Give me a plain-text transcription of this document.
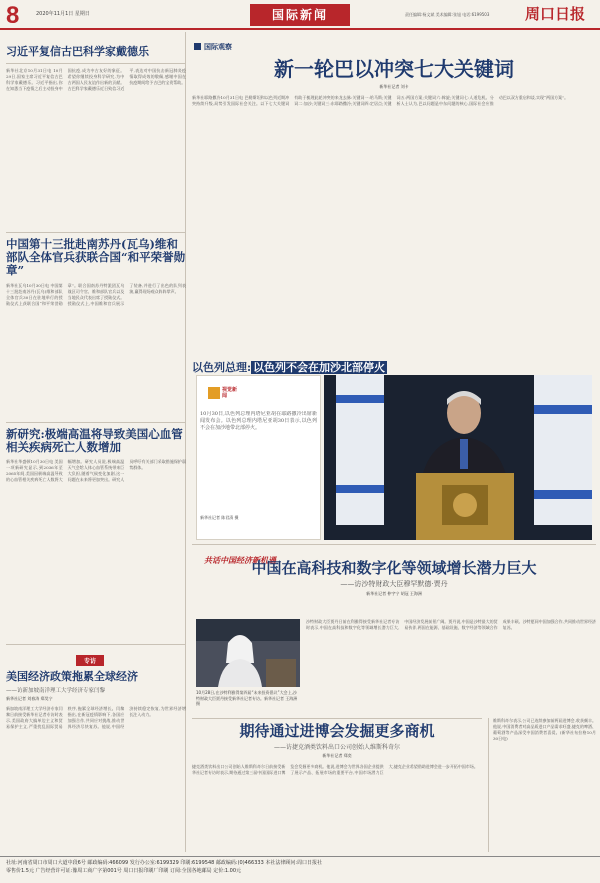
8	2020年11月1日 星期日	国际新闻	责任编辑:杨文斌 美术编辑:张旭 电话:6199503 周口日报
习近平复信古巴科学家戴德乐
新华社北京10月31日电 10月29日,国家主席习近平复信古巴科学家戴德乐。习近平指出,你在知悉当下疫情之后主动投身中国抗疫,成为中古友好的象征。希望你继续投身科学研究,为中古两国人民友谊作出新的贡献。古巴科学家戴德乐近日致信习近平,表达对中国抗击新冠肺炎疫情取得成效的敬佩,感谢中国在抗疫期间给予古巴的宝贵帮助。
中国第十三批赴南苏丹(瓦乌)维和部队全体官兵获联合国“和平荣誉勋章”
新华社瓦乌10月30日电 中国第十三批赴南苏丹(瓦乌)维和部队全体官兵30日在驻地举行的授勋仪式上获联合国“和平荣誉勋章”。联合国南苏丹特派团瓦乌战区司令官、维和部队官兵以及当地民众代表出席了授勋仪式。授勋仪式上,中国维和官兵展示了装备,并进行了出色的队列表演,赢得现场观众阵阵掌声。
新研究:极端高温将导致美国心血管相关疾病死亡人数增加
新华社华盛顿10月30日电 美国一项新研究显示,到2036年至2065年间,美国因极端高温导致的心血管相关疾病死亡人数将大幅增加。研究人员说,极端高温天气会给人体心血管系统带来巨大负担,随着气候变化加剧,这一问题在未来将更加突出。研究人员呼吁有关部门采取措施保护弱势群体。
专访
美国经济政策拖累全球经济
——访新加坡南洋理工大学经济专家闫黎
新华社记者 刘春涛 郑昊宁
新加坡南洋理工大学经济专家闫黎日前接受新华社记者专访时表示,美国政府大搞单边主义和贸易保护主义,严重扰乱国际贸易秩序,拖累全球经济增长。闫黎指出,在新冠疫情影响下,各国应加强合作,共同应对挑战,推动世界经济尽快复苏。他说,中国经济持续稳定恢复,为世界经济增长注入动力。
国际观察
新一轮巴以冲突七大关键词
新华社记者 刘卡
新华社耶路撒冷10月31日电 巴勒斯坦和以色列近期冲突持续升级,局势引发国际社会关注。以下七大关键词有助于梳理此轮冲突的来龙去脉:关键词一:哈马斯;关键词二:加沙;关键词三:东耶路撒冷;关键词四:定居点;关键词五:两国方案;关键词六:斡旋;关键词七:人道危机。分析人士认为,巴以问题是中东问题的核心,国际社会应推动巴以双方重启和谈,实现“两国方案”。
以色列总理: 以色列不会在加沙北部停火
视觉新闻
10月30日,以色列总理内塔尼亚胡在耶路撒冷出席新闻发布会。以色列总理内塔尼亚胡30日表示,以色列不会在加沙地带北部停火。
新华社记者 陈君清 摄
共话中国经济新机遇
中国在高科技和数字化等领域增长潜力巨大
——访沙特财政大臣穆罕默德·贾丹
新华社记者 仲宇宁 胡冠 王海洲
10月28日,在沙特利雅得第四届“未来投资倡议”大会上,沙特财政大臣贾丹接受新华社记者专访。新华社记者 王海洲 摄
沙特财政大臣贾丹日前在利雅得接受新华社记者专访时表示,中国在高科技和数字化等领域增长潜力巨大,中国经济发展前景广阔。贾丹说,中国是沙特最大的贸易伙伴,两国在能源、基础设施、数字经济等领域合作成果丰硕。沙特愿同中国加强合作,共同推动世界经济复苏。
期待通过进博会发掘更多商机
——访捷克酒类饮料出口公司创始人维斯科奇尔
新华社记者 郑奕
捷克酒类饮料出口公司创始人维斯科奇尔日前接受新华社记者专访时表示,期待通过第三届中国国际进口博览会发掘更多商机。他说,进博会为世界各国企业提供了展示产品、拓展市场的重要平台,中国市场潜力巨大,捷克企业希望借助进博会进一步开拓中国市场。
维斯科奇尔表示,公司已连续参加前两届进博会,收获颇丰。他说,中国消费者对高品质进口产品需求旺盛,捷克的啤酒、葡萄酒等产品深受中国消费者喜爱。(新华社布拉格10月30日电)
社址:河南省周口市周口大道中段6号 邮政编码:466099 发行办公室:6199329 印刷:6199548 邮政编码:(0)466333 本社法律顾问:周口日报社
零售价1.5元 广告经营许可证:豫周工商广字第001号 周口日报印刷厂印刷 订阅:全国各地邮局 定价:1.00元
